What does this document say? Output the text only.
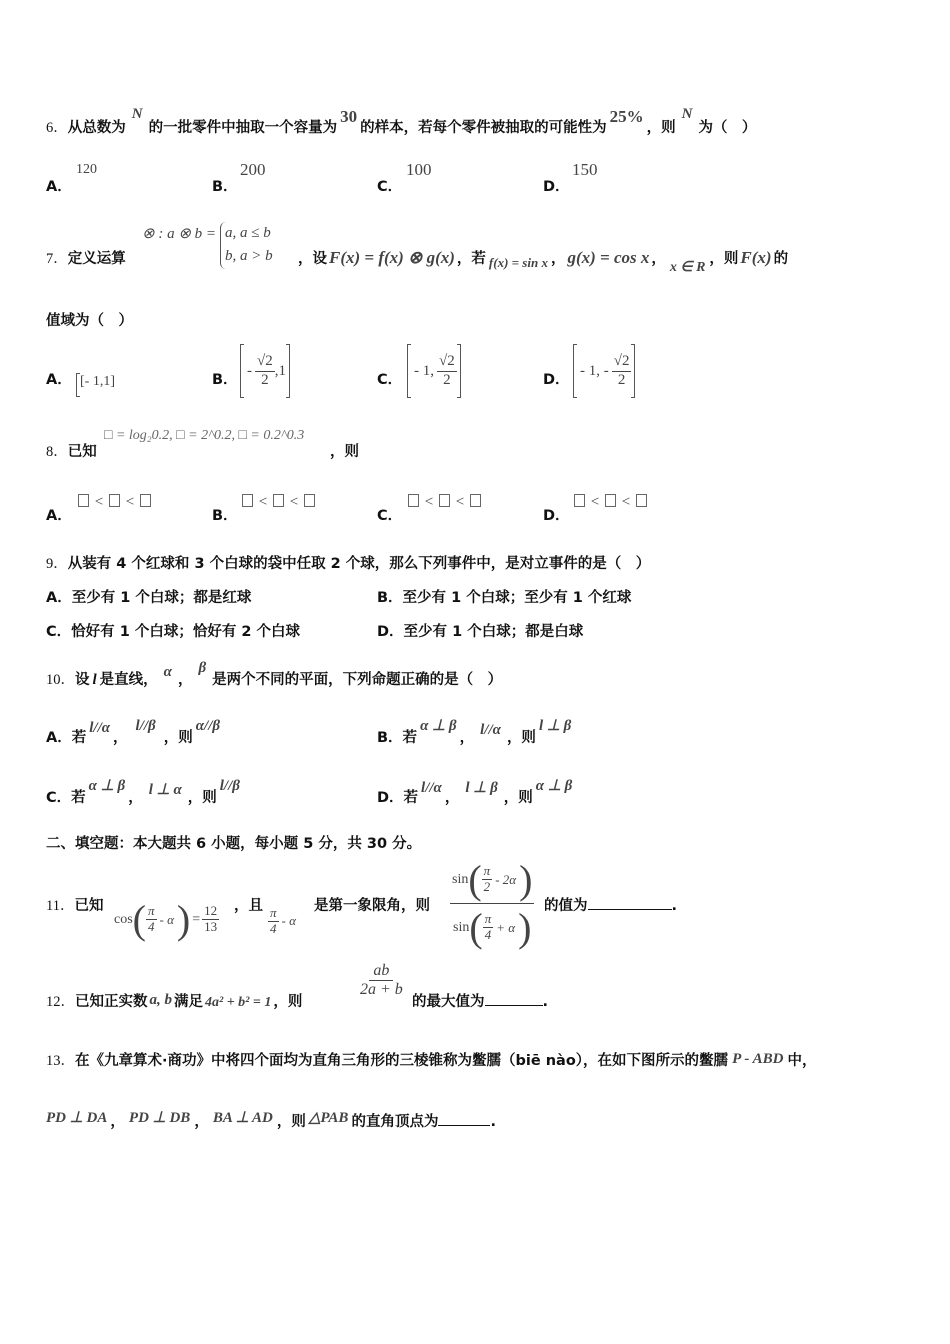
6．从总数为N的一批零件中抽取一个容量为30的样本，若每个零件被抽取的可能性为25%，则N为（　）
A．
120
B．
200
C．
100
D．
150
7．定义运算
⊗ : a ⊗ b = a, a ≤ b
b, a > b ，设 F(x) = f(x) ⊗ g(x) ，若 f(x) = sin x ， g(x) = cos x ，x ∈ R，则 F(x) 的
值域为（　）
A． [- 1,1]	B．
- $\frac{√2}{2} ,1$
C．
- 1, $\frac{√2}{2}$	D．
- 1, - $\frac{√2}{2}$
8．已知
□ = log₂0.2, □ = 2^0.2, □ = 0.2^0.3
，则
A．
< <
B．
< <
C．
< <
D．
< <
9．从装有 4 个红球和 3 个白球的袋中任取 2 个球，那么下列事件中，是对立事件的是（　）
A．至少有 1 个白球；都是红球	B．至少有 1 个白球；至少有 1 个红球
C．恰好有 1 个白球；恰好有 2 个白球	D．至少有 1 个白球；都是白球
10．设 l 是直线， α ，β是两个不同的平面，下列命题正确的是（　）
A．若l//α，l//β，则α//β
B．若α ⊥ β， l//α ，则l ⊥ β
C．若α ⊥ β， l ⊥ α ，则l//β
D．若l//α，l ⊥ β，则α ⊥ β
二、填空题：本大题共 6 小题，每小题 5 分，共 30 分。
11．已知
cos ( $\frac{\pi}{4}$ - α ) = $\frac{12}{13}$ ，且 $\frac{\pi}{4}$ - α
是第一象限角，则
sin ( $\frac{\pi}{2} - 2\alpha$ )
sin ( $\frac{\pi}{4} + \alpha$ ) 的值为	.
12．已知正实数 a, b 满足 4a² + b² = 1 ，则
$\frac{ab}{2a + b}$
的最大值为	.
13．在《九章算术·商功》中将四个面均为直角三角形的三棱锥称为鳖臑（biē nào），在如下图所示的鳖臑 P - ABD 中，
PD ⊥ DA ， PD ⊥ DB ， BA ⊥ AD ，则 △PAB 的直角顶点为	.
